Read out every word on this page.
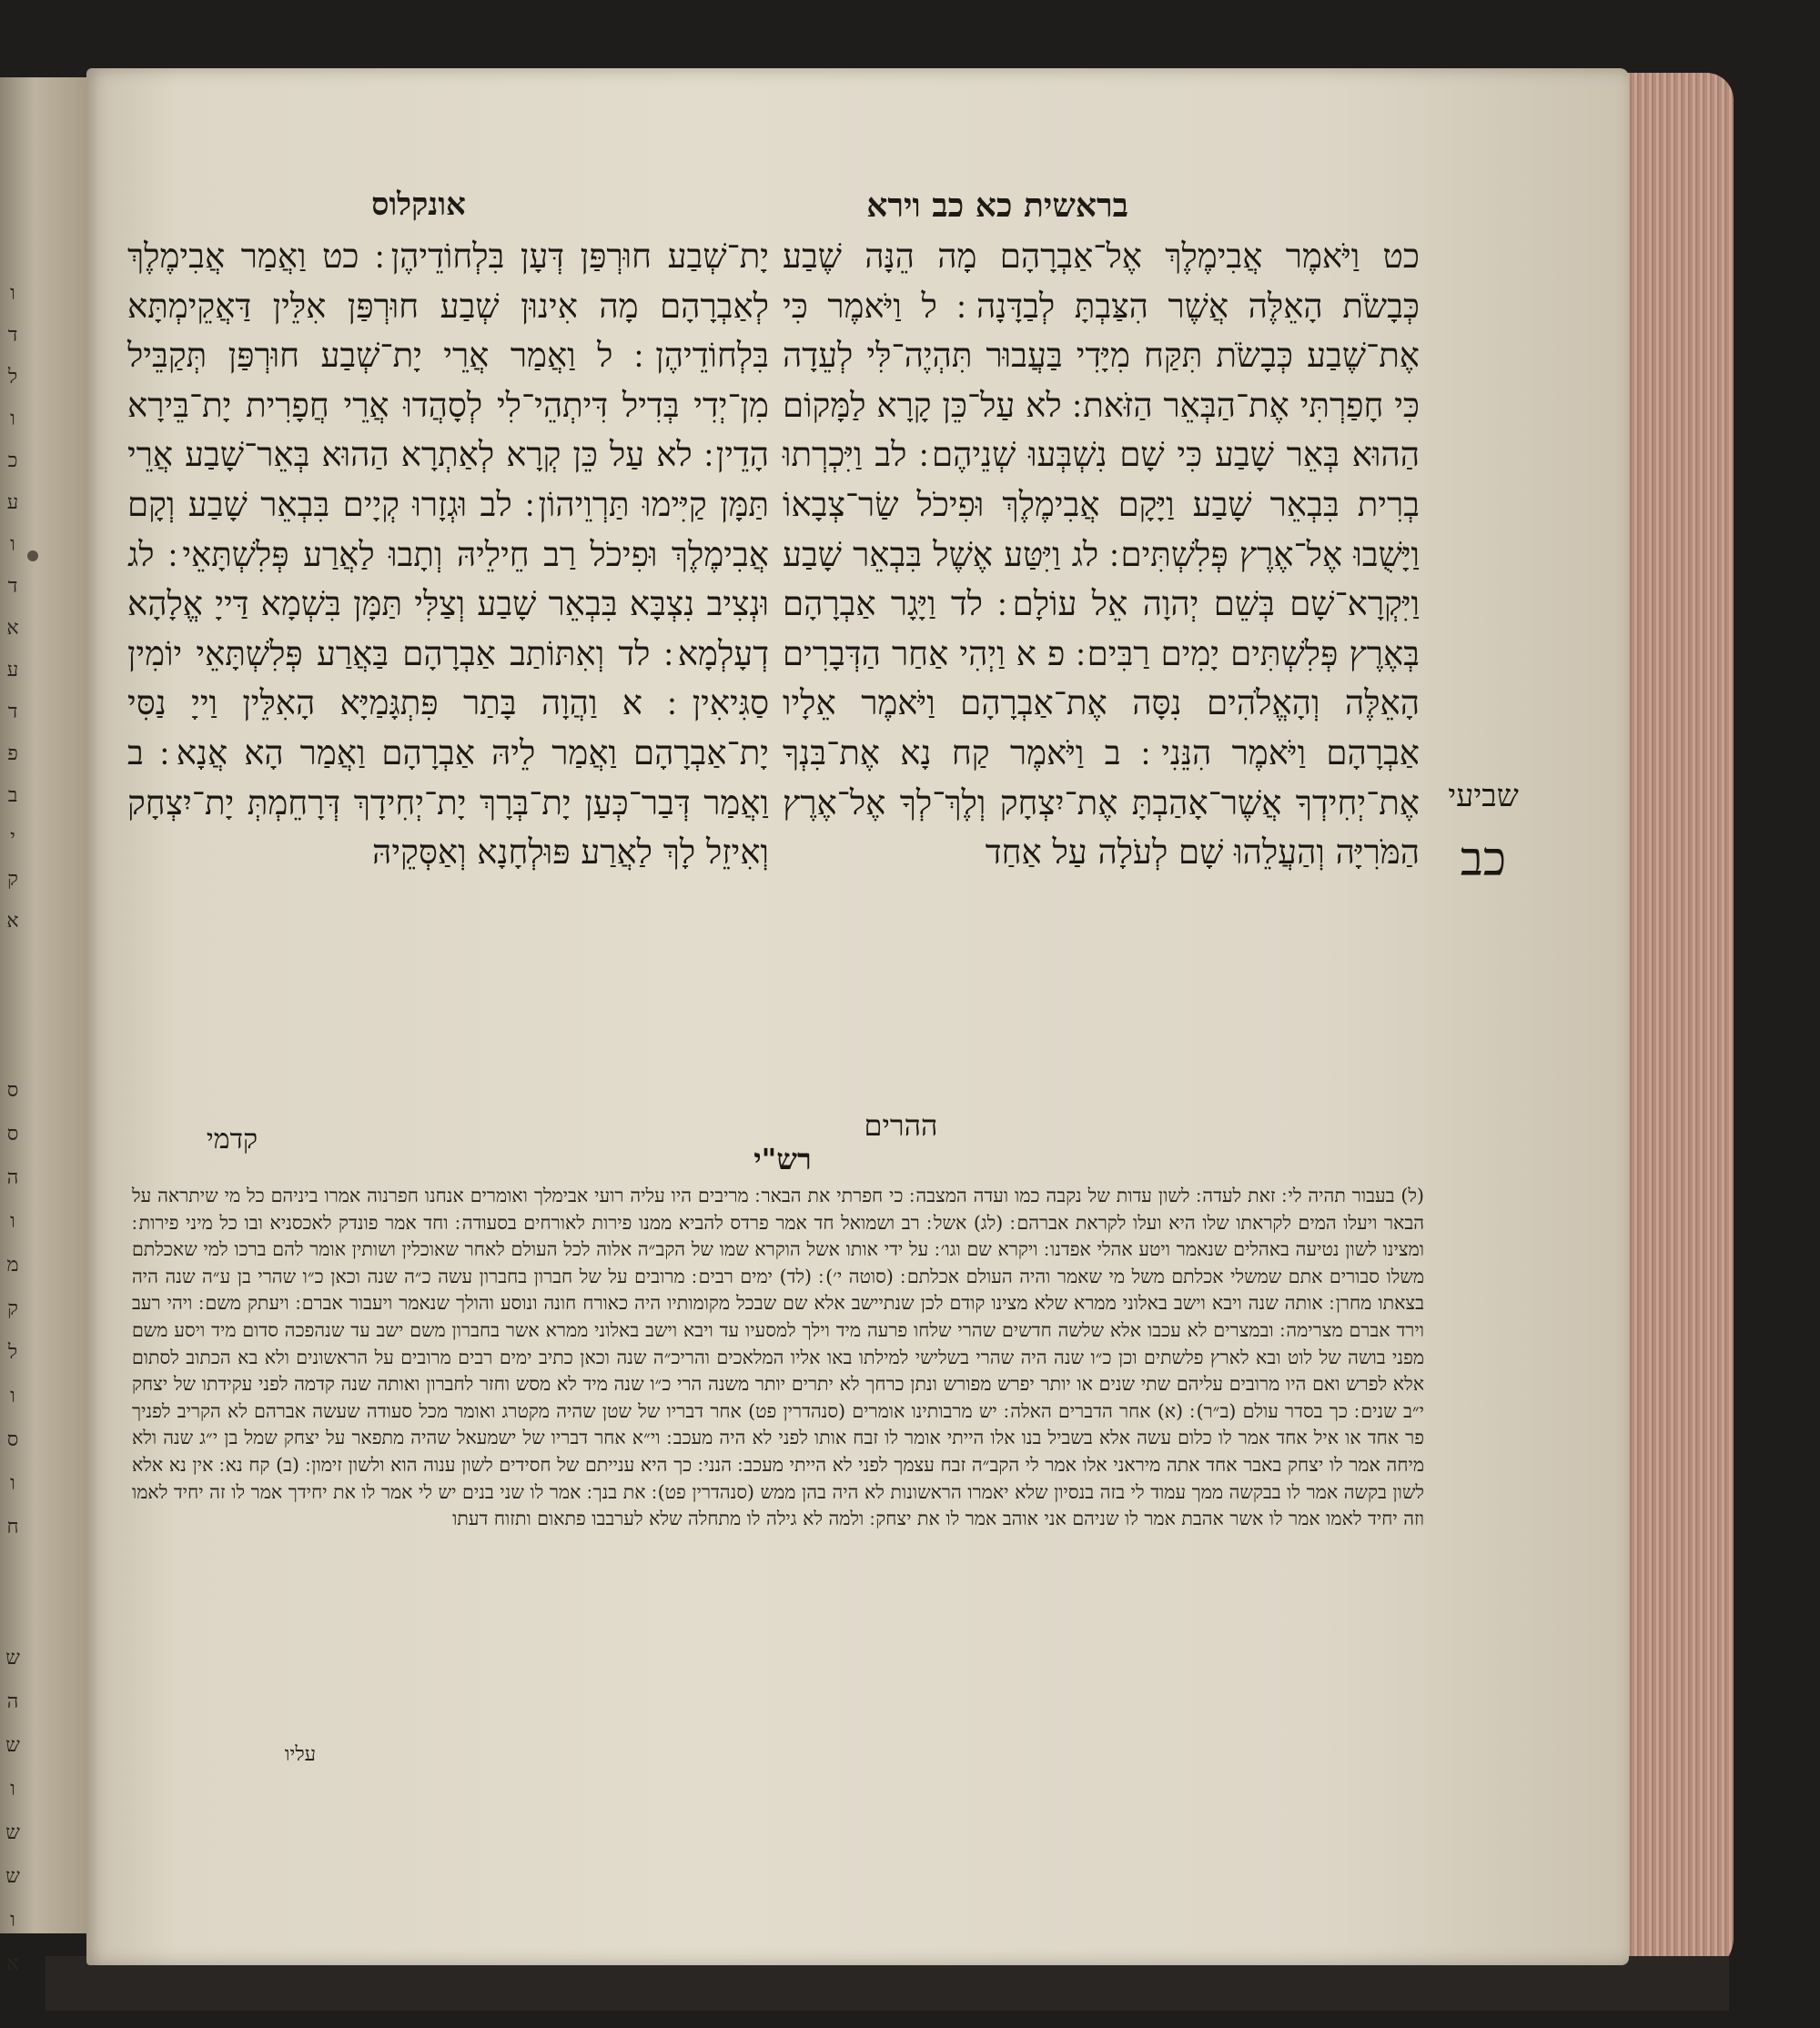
ו
ד
ל
ו
כ
ע
ו
ד
א
ע
ד
פ
ב
י
ק
א
ס
ס
ה
ו
מ
ק
ל
ו
ס
ו
ח

ש
ה
ש
ו
ש
ש
ו
א
בראשית כא כב וירא
אונקלוס

כט וַיֹּאמֶר אֲבִימֶלֶךְ אֶל־אַבְרָהָם מָה הֵנָּה שֶׁבַע כְּבָשֹׂת הָאֵלֶּה אֲשֶׁר הִצַּבְתָּ לְבַדָּנָה ׃ ל וַיֹּאמֶר כִּי אֶת־שֶׁבַע כְּבָשֹׂת תִּקַּח מִיָּדִי בַּעֲבוּר תִּהְיֶה־לִּי לְעֵדָה כִּי חָפַרְתִּי אֶת־הַבְּאֵר הַזֹּאת ׃ לא עַל־כֵּן קָרָא לַמָּקוֹם הַהוּא בְּאֵר שָׁבַע כִּי שָׁם נִשְׁבְּעוּ שְׁנֵיהֶם ׃ לב וַיִּכְרְתוּ בְרִית בִּבְאֵר שָׁבַע וַיָּקָם אֲבִימֶלֶךְ וּפִיכֹל שַׂר־צְבָאוֹ וַיָּשֻׁבוּ אֶל־אֶרֶץ פְּלִשְׁתִּים ׃ לג וַיִּטַּע אֶשֶׁל בִּבְאֵר שָׁבַע וַיִּקְרָא־שָׁם בְּשֵׁם יְהוָה אֵל עוֹלָם ׃ לד וַיָּגָר אַבְרָהָם בְּאֶרֶץ פְּלִשְׁתִּים יָמִים רַבִּים ׃ פ א וַיְהִי אַחַר הַדְּבָרִים הָאֵלֶּה וְהָאֱלֹהִים נִסָּה אֶת־אַבְרָהָם וַיֹּאמֶר אֵלָיו אַבְרָהָם וַיֹּאמֶר הִנֵּנִי ׃ ב וַיֹּאמֶר קַח נָא אֶת־בִּנְךָ אֶת־יְחִידְךָ אֲשֶׁר־אָהַבְתָּ אֶת־יִצְחָק וְלֶךְ־לְךָ אֶל־אֶרֶץ הַמֹּרִיָּה וְהַעֲלֵהוּ שָׁם לְעֹלָה עַל אַחַד

ההרים
שביעי
כב

יָת־שְׁבַע חוּרְפַּן דְּעָן בִּלְחוֹדֵיהֶן ׃ כט וַאֲמַר אֲבִימֶלֶךְ לְאַבְרָהָם מָה אִינוּן שְׁבַע חוּרְפַּן אִלֵּין דַּאֲקֵימְתָּא בִּלְחוֹדֵיהֶן ׃ ל וַאֲמַר אֲרֵי יָת־שְׁבַע חוּרְפַּן תְּקַבֵּיל מִן־יְדִי בְּדִיל דִּיתְהֵי־לִי לְסָהֲדוּ אֲרֵי חֲפָרִית יָת־בֵּירָא הָדֵין ׃ לא עַל כֵּן קְרָא לְאַתְרָא הַהוּא בְּאֵר־שָׁבַע אֲרֵי תַּמָּן קַיִּימוּ תַּרְוֵיהוֹן ׃ לב וּגְזָרוּ קְיָים בִּבְאֵר שָׁבַע וְקָם אֲבִימֶלֶךְ וּפִיכֹל רַב חֵילֵיהּ וְתָבוּ לַאֲרַע פְּלִשְׁתָּאֵי ׃ לג וּנְצִיב נִצְבָּא בִּבְאֵר שָׁבַע וְצַלִּי תַּמָּן בִּשְׁמָא דַּייָ אֱלָהָא דְעָלְמָא ׃ לד וְאִתּוֹתַב אַבְרָהָם בַּאֲרַע פְּלִשְׁתָּאֵי יוֹמִין סַגִּיאִין ׃ א וַהֲוָה בָּתַר פִּתְגָּמַיָּא הָאִלֵּין וַייָ נַסִּי יָת־אַבְרָהָם וַאֲמַר לֵיהּ אַבְרָהָם וַאֲמַר הָא אֲנָא ׃ ב וַאֲמַר דְּבַר־כְּעַן יָת־בְּרָךְ יָת־יְחִידָךְ דְּרָחֵמְתְּ יָת־יִצְחָק וְאִיזֵל לָךְ לַאֲרַע פּוּלְחָנָא וְאַסְּקֵיהּ

קדמי
רש"י

(ל) בעבור תהיה לי ׃ זאת לעדה ׃ לשון עדות של נקבה כמו ועדה המצבה ׃ כי חפרתי את הבאר ׃ מריבים היו עליה רועי אבימלך ואומרים אנחנו חפרנוה אמרו ביניהם כל מי שיתראה על הבאר ויעלו המים לקראתו שלו היא ועלו לקראת אברהם ׃ (לג) אשל ׃ רב ושמואל חד אמר פרדס להביא ממנו פירות לאורחים בסעודה ׃ וחד אמר פונדק לאכסניא ובו כל מיני פירות ׃ ומצינו לשון נטיעה באהלים שנאמר ויטע אהלי אפדנו ׃ ויקרא שם וגו׳ ׃ על ידי אותו אשל הוקרא שמו של הקב״ה אלוה לכל העולם לאחר שאוכלין ושותין אומר להם ברכו למי שאכלתם משלו סבורים אתם שמשלי אכלתם משל מי שאמר והיה העולם אכלתם ׃ (סוטה י׳) ׃ (לד) ימים רבים ׃ מרובים על של חברון בחברון עשה כ״ה שנה וכאן כ״ו שהרי בן ע״ה שנה היה בצאתו מחרן ׃ אותה שנה ויבא וישב באלוני ממרא שלא מצינו קודם לכן שנתיישב אלא שם שבכל מקומותיו היה כאורח חונה ונוסע והולך שנאמר ויעבור אברם ׃ ויעתק משם ׃ ויהי רעב וירד אברם מצרימה ׃ ובמצרים לא עכבו אלא שלשה חדשים שהרי שלחו פרעה מיד וילך למסעיו עד ויבא וישב באלוני ממרא אשר בחברון משם ישב עד שנהפכה סדום מיד ויסע משם מפני בושה של לוט ובא לארץ פלשתים וכן כ״ו שנה היה שהרי בשלישי למילתו באו אליו המלאכים והריכ״ה שנה וכאן כתיב ימים רבים מרובים על הראשונים ולא בא הכתוב לסתום אלא לפרש ואם היו מרובים עליהם שתי שנים או יותר יפרש מפורש ונתן כרחך לא יתרים יותר משנה הרי כ״ו שנה מיד לא מסש וחזר לחברון ואותה שנה קדמה לפני עקידתו של יצחק י״ב שנים ׃ כך בסדר עולם (ב״ר) ׃ (א) אחר הדברים האלה ׃ יש מרבותינו אומרים (סנהדרין פט) אחר דבריו של שטן שהיה מקטרג ואומר מכל סעודה שעשה אברהם לא הקריב לפניך פר אחד או איל אחד אמר לו כלום עשה אלא בשביל בנו אלו הייתי אומר לו זבח אותו לפני לא היה מעכב ׃ וי״א אחר דבריו של ישמעאל שהיה מתפאר על יצחק שמל בן י״ג שנה ולא מיחה אמר לו יצחק באבר אחד אתה מיראני אלו אמר לי הקב״ה זבח עצמך לפני לא הייתי מעכב ׃ הנני ׃ כך היא ענייתם של חסידים לשון ענוה הוא ולשון זימון ׃ (ב) קח נא ׃ אין נא אלא לשון בקשה אמר לו בבקשה ממך עמוד לי בזה בנסיון שלא יאמרו הראשונות לא היה בהן ממש (סנהדרין פט) ׃ את בנך ׃ אמר לו שני בנים יש לי אמר לו את יחידך אמר לו זה יחיד לאמו וזה יחיד לאמו אמר לו אשר אהבת אמר לו שניהם אני אוהב אמר לו את יצחק ׃ ולמה לא גילה לו מתחלה שלא לערבבו פתאום ותזוח דעתו

עליו
